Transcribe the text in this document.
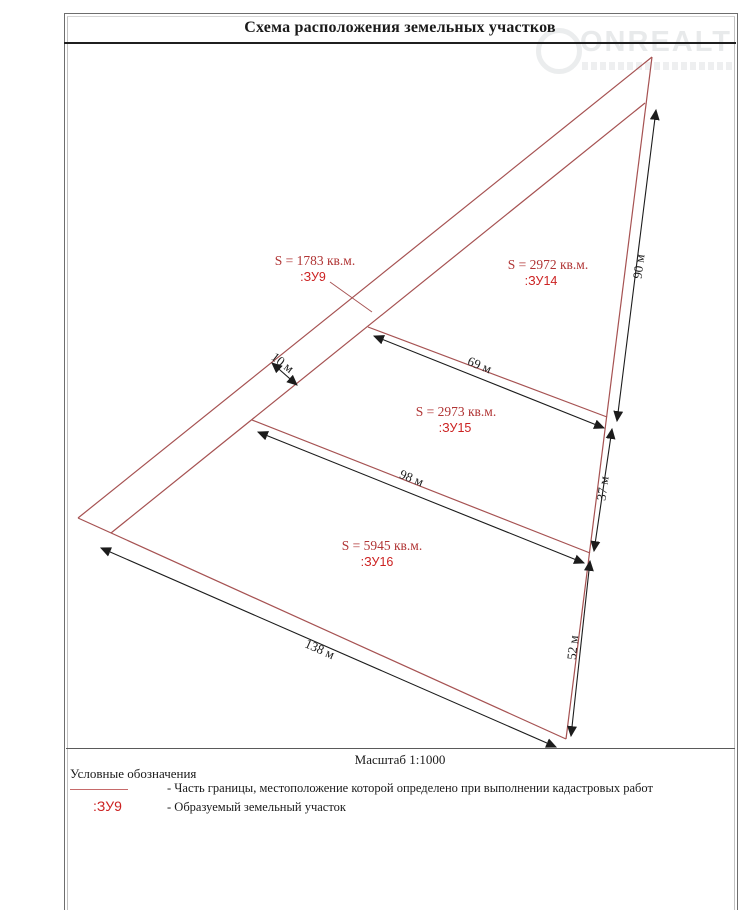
Схема расположения земельных участков ONREALT
10 м	69 м
98 м
138 м
90 м
37 м
52 м
S = 1783 кв.м.
:ЗУ9
S = 2972 кв.м.
:ЗУ14
S = 2973 кв.м.
:ЗУ15
S = 5945 кв.м.
:ЗУ16
Масштаб 1:1000
Условные обозначения
- Часть границы, местоположение которой определено при выполнении кадастровых работ
:ЗУ9	- Образуемый земельный участок
